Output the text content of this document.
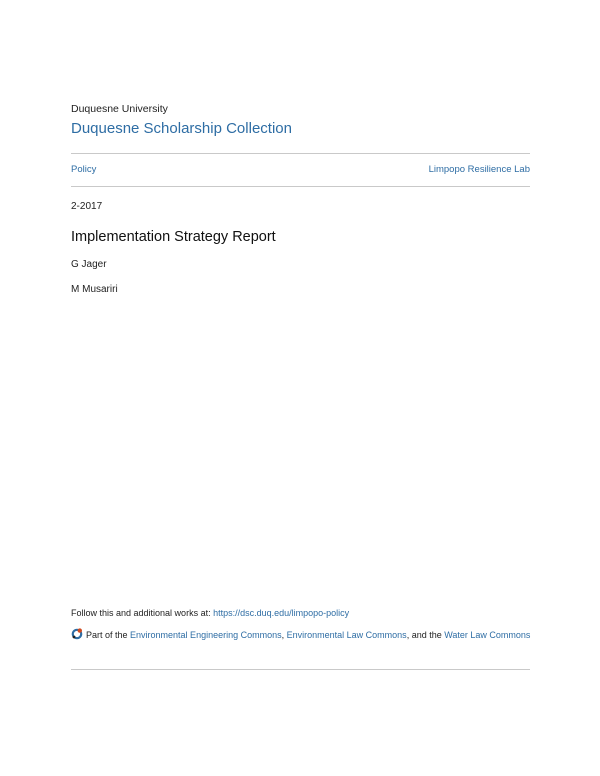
Duquesne University
Duquesne Scholarship Collection
Policy	Limpopo Resilience Lab
2-2017
Implementation Strategy Report
G Jager
M Musariri
Follow this and additional works at: https://dsc.duq.edu/limpopo-policy
Part of the Environmental Engineering Commons, Environmental Law Commons, and the Water Law Commons
